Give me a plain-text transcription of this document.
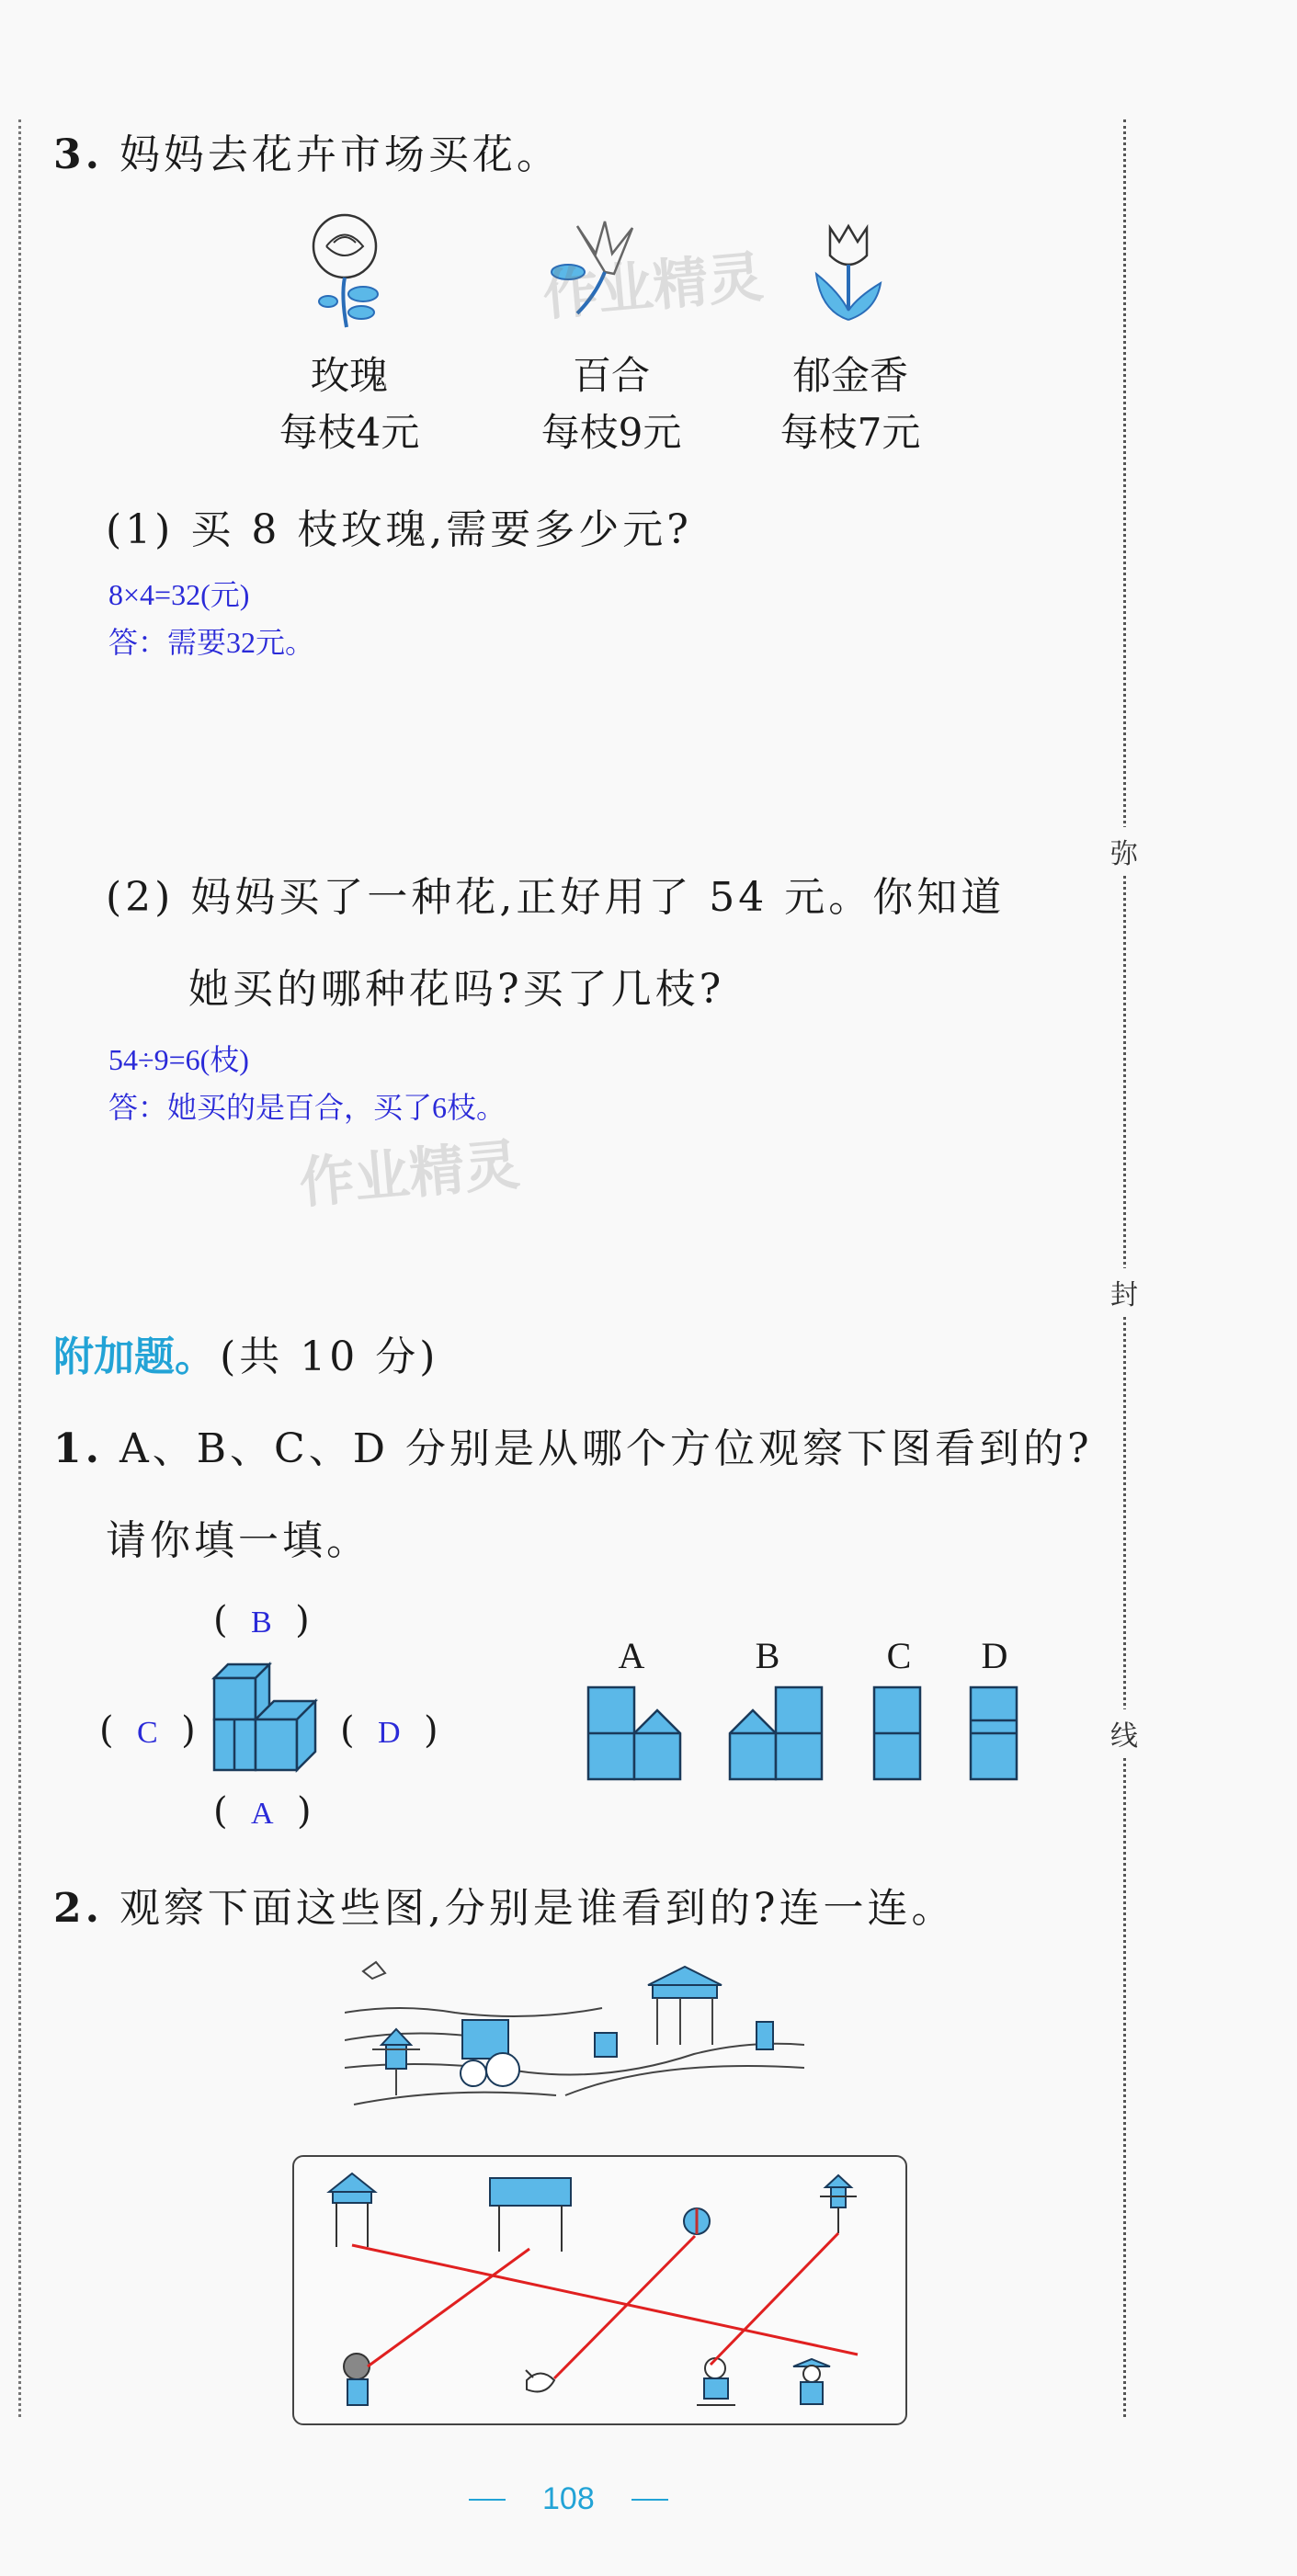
弥
封
线
3. 妈妈去花卉市场买花。
作业精灵
玫瑰
每枝4元
百合
每枝9元
郁金香
每枝7元
(1) 买 8 枝玫瑰,需要多少元?
8×4=32(元)
答：需要32元。
(2) 妈妈买了一种花,正好用了 54 元。你知道
她买的哪种花吗?买了几枝?
54÷9=6(枝)
答：她买的是百合，买了6枝。
附加题。 (共 10 分)
1. A、B、C、D 分别是从哪个方位观察下图看到的?
请你填一填。
(  B  )
(  C  )	(  D  )
(  A  )
A	B	C	D
2. 观察下面这些图,分别是谁看到的?连一连。
作业精灵
108
